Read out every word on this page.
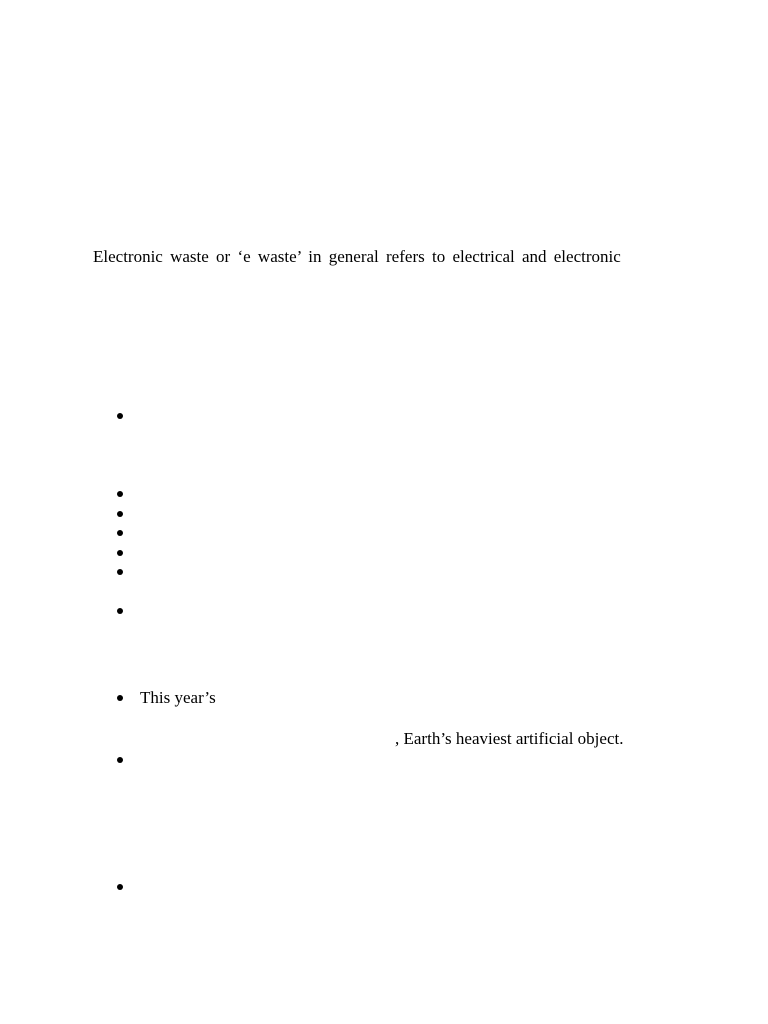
Electronic waste or ‘e waste’ in general refers to electrical and electronic
This year’s
, Earth’s heaviest artificial object.
